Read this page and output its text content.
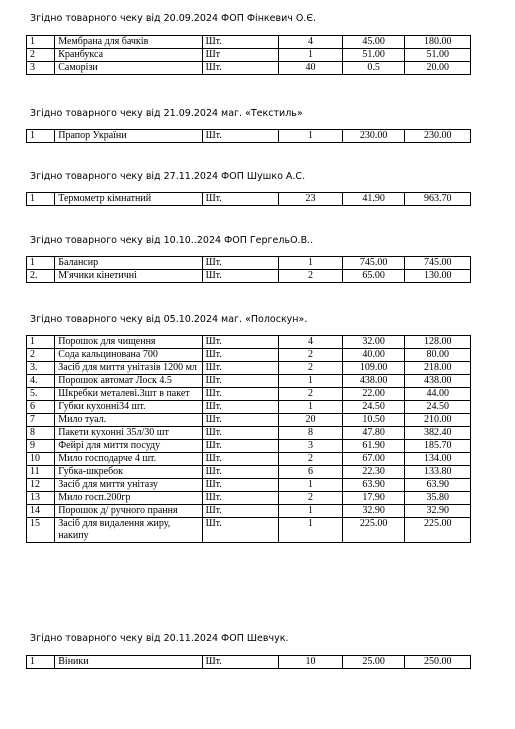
Згідно товарного чеку від 20.09.2024 ФОП Фінкевич О.Є.
1	Мембрана для бачків	Шт.	4	45.00	180.00
2	Кранбукса	Шт	1	51.00	51.00
3	Саморізи	Шт.	40	0.5	20.00
Згідно товарного чеку від 21.09.2024 маг. «Текстиль»
1	Прапор України	Шт.	1	230.00	230.00
Згідно товарного чеку від 27.11.2024 ФОП Шушко А.С.
1	Термометр кімнатний	Шт.	23	41.90	963.70
Згідно товарного чеку від 10.10..2024 ФОП ГергельО.В..
1	Балансир	Шт.	1	745.00	745.00
2.	М'ячики кінетичні	Шт.	2	65.00	130.00
Згідно товарного чеку від 05.10.2024 маг. «Полоскун».
1	Порошок для чищення	Шт.	4	32.00	128.00
2	Сода кальцинована 700	Шт.	2	40.00	80.00
3.	Засіб для миття унітазів 1200 мл	Шт.	2	109.00	218.00
4.	Порошок автомат Лоск 4.5	Шт.	1	438.00	438.00
5.	Шкребки металеві.3шт в пакет	Шт.	2	22.00	44.00
6	Губки кухонні34 шт.	Шт.	1	24.50	24.50
7	Мило туал.	Шт.	20	10.50	210.00
8	Пакети кухонні 35л/30 шт	Шт.	8	47.80	382.40
9	Фейрі для миття посуду	Шт.	3	61.90	185.70
10	Мило господарче 4 шт.	Шт.	2	67.00	134.00
11	Губка-шкребок	Шт.	6	22.30	133.80
12	Засіб для миття унітазу	Шт.	1	63.90	63.90
13	Мило госп.200гр	Шт.	2	17.90	35.80
14	Порошок д/ ручного прання	Шт.	1	32.90	32.90
15	Засіб для видалення жиру, накипу	Шт.	1	225.00	225.00
Згідно товарного чеку від 20.11.2024 ФОП Шевчук.
1	Віники	Шт.	10	25.00	250.00
